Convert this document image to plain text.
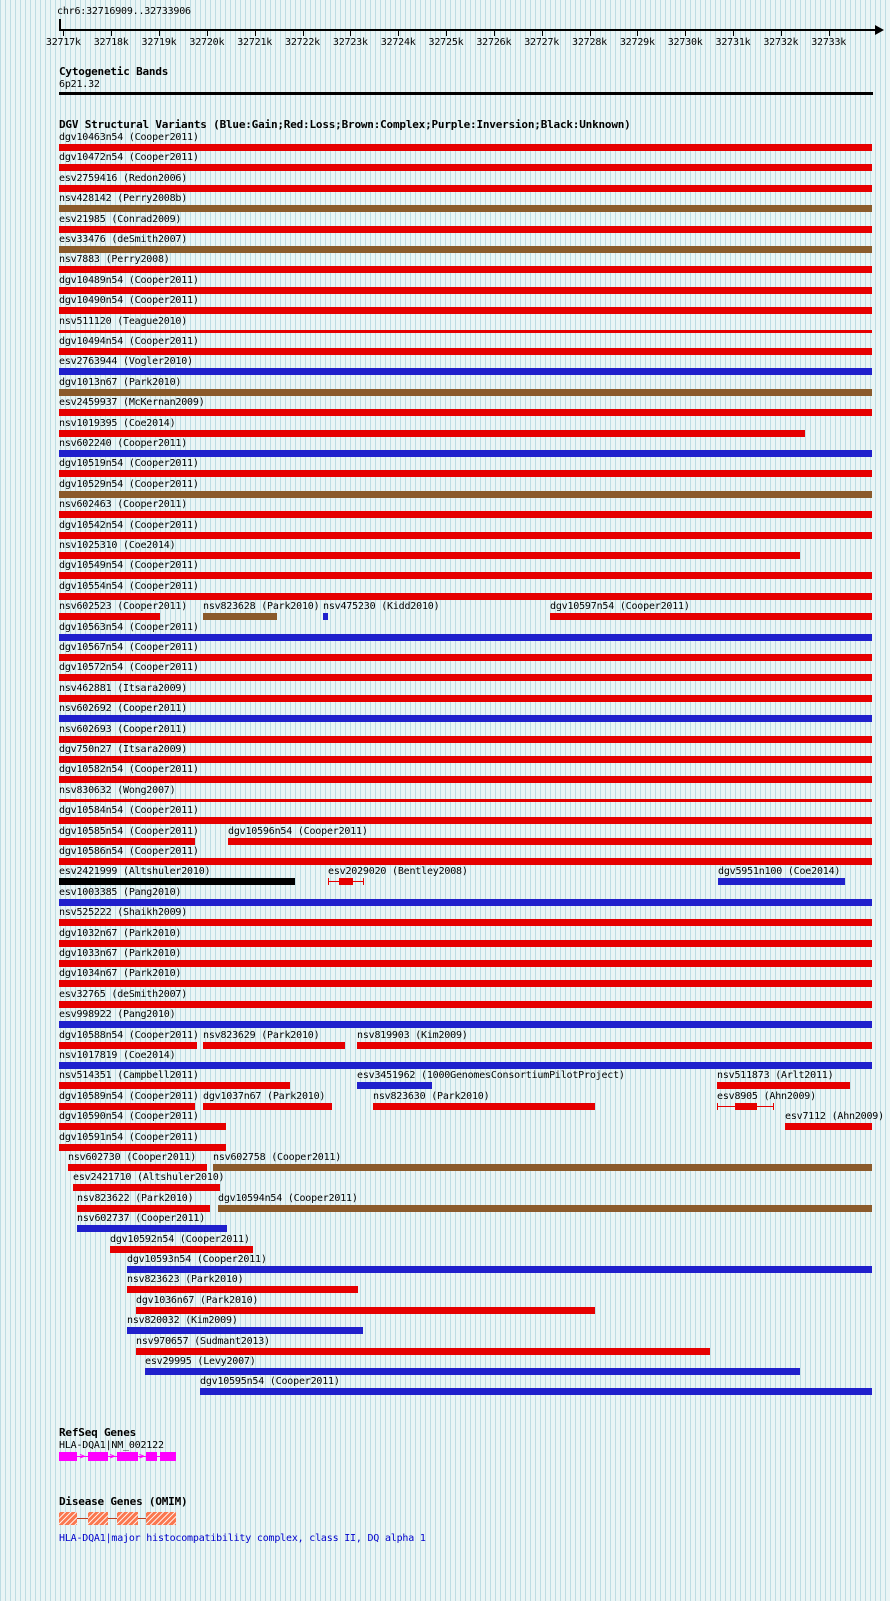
chr6:32716909..32733906
32717k 32718k 32719k 32720k 32721k 32722k 32723k 32724k 32725k 32726k 32727k 32728k 32729k 32730k 32731k 32732k 32733k
Cytogenetic Bands
6p21.32
DGV Structural Variants (Blue:Gain;Red:Loss;Brown:Complex;Purple:Inversion;Black:Unknown)
dgv10463n54 (Cooper2011)
dgv10472n54 (Cooper2011)
esv2759416 (Redon2006)
nsv428142 (Perry2008b)
esv21985 (Conrad2009)
esv33476 (deSmith2007)
nsv7883 (Perry2008)
dgv10489n54 (Cooper2011)
dgv10490n54 (Cooper2011)
nsv511120 (Teague2010)
dgv10494n54 (Cooper2011)
esv2763944 (Vogler2010)
dgv1013n67 (Park2010)
esv2459937 (McKernan2009)
nsv1019395 (Coe2014)
nsv602240 (Cooper2011)
dgv10519n54 (Cooper2011)
dgv10529n54 (Cooper2011)
nsv602463 (Cooper2011)
dgv10542n54 (Cooper2011)
nsv1025310 (Coe2014)
dgv10549n54 (Cooper2011)
dgv10554n54 (Cooper2011)
nsv602523 (Cooper2011) nsv823628 (Park2010) nsv475230 (Kidd2010)	dgv10597n54 (Cooper2011)
dgv10563n54 (Cooper2011)
dgv10567n54 (Cooper2011)
dgv10572n54 (Cooper2011)
nsv462881 (Itsara2009)
nsv602692 (Cooper2011)
nsv602693 (Cooper2011)
dgv750n27 (Itsara2009)
dgv10582n54 (Cooper2011)
nsv830632 (Wong2007)
dgv10584n54 (Cooper2011)
dgv10585n54 (Cooper2011)	dgv10596n54 (Cooper2011)
dgv10586n54 (Cooper2011)
esv2421999 (Altshuler2010)	esv2029020 (Bentley2008)	dgv5951n100 (Coe2014)
esv1003385 (Pang2010)
nsv525222 (Shaikh2009)
dgv1032n67 (Park2010)
dgv1033n67 (Park2010)
dgv1034n67 (Park2010)
esv32765 (deSmith2007)
esv998922 (Pang2010)
dgv10588n54 (Cooper2011) nsv823629 (Park2010)	nsv819903 (Kim2009)
nsv1017819 (Coe2014)
nsv514351 (Campbell2011)	esv3451962 (1000GenomesConsortiumPilotProject)	nsv511873 (Arlt2011)
dgv10589n54 (Cooper2011) dgv1037n67 (Park2010)	nsv823630 (Park2010)	esv8905 (Ahn2009)
dgv10590n54 (Cooper2011)	esv7112 (Ahn2009)
dgv10591n54 (Cooper2011)
nsv602730 (Cooper2011) nsv602758 (Cooper2011)
esv2421710 (Altshuler2010)
nsv823622 (Park2010) dgv10594n54 (Cooper2011)
nsv602737 (Cooper2011)
dgv10592n54 (Cooper2011)
dgv10593n54 (Cooper2011)
nsv823623 (Park2010)
dgv1036n67 (Park2010)
nsv820032 (Kim2009)
nsv970657 (Sudmant2013)
esv29995 (Levy2007)
dgv10595n54 (Cooper2011)
RefSeq Genes
HLA-DQA1|NM_002122
>	>	>
Disease Genes (OMIM)
HLA-DQA1|major histocompatibility complex, class II, DQ alpha 1
